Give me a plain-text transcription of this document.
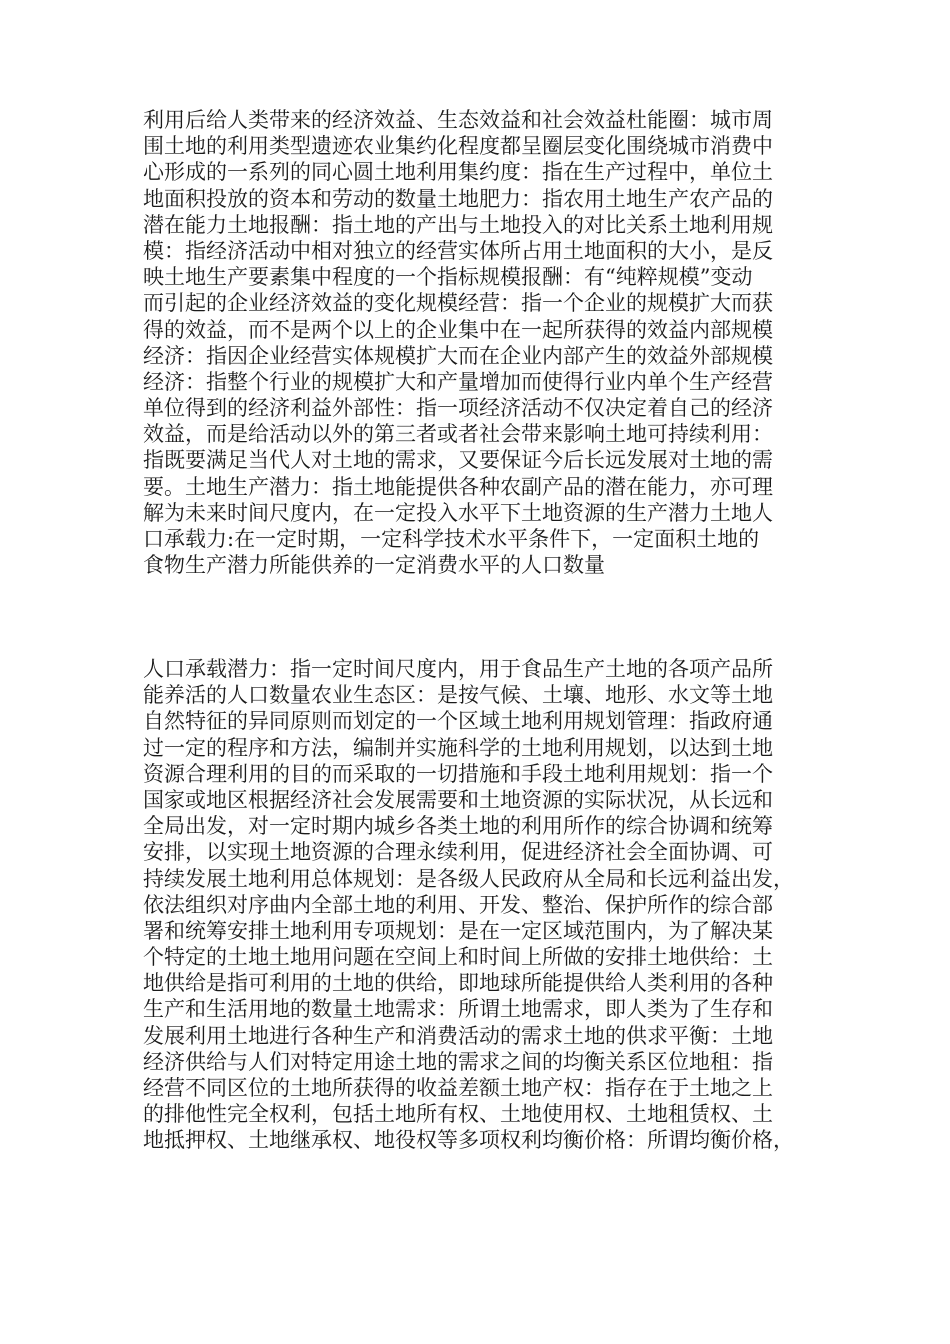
利用后给人类带来的经济效益、生态效益和社会效益杜能圈：城市周
围土地的利用类型遗迹农业集约化程度都呈圈层变化围绕城市消费中
心形成的一系列的同心圆土地利用集约度：指在生产过程中，单位土
地面积投放的资本和劳动的数量土地肥力：指农用土地生产农产品的
潜在能力土地报酬：指土地的产出与土地投入的对比关系土地利用规
模：指经济活动中相对独立的经营实体所占用土地面积的大小，是反
映土地生产要素集中程度的一个指标规模报酬：有“纯粹规模”变动
而引起的企业经济效益的变化规模经营：指一个企业的规模扩大而获
得的效益，而不是两个以上的企业集中在一起所获得的效益内部规模
经济：指因企业经营实体规模扩大而在企业内部产生的效益外部规模
经济：指整个行业的规模扩大和产量增加而使得行业内单个生产经营
单位得到的经济利益外部性：指一项经济活动不仅决定着自己的经济
效益，而是给活动以外的第三者或者社会带来影响土地可持续利用：
指既要满足当代人对土地的需求，又要保证今后长远发展对土地的需
要。土地生产潜力：指土地能提供各种农副产品的潜在能力，亦可理
解为未来时间尺度内，在一定投入水平下土地资源的生产潜力土地人
口承载力:在一定时期，一定科学技术水平条件下，一定面积土地的
食物生产潜力所能供养的一定消费水平的人口数量
人口承载潜力：指一定时间尺度内，用于食品生产土地的各项产品所
能养活的人口数量农业生态区：是按气候、土壤、地形、水文等土地
自然特征的异同原则而划定的一个区域土地利用规划管理：指政府通
过一定的程序和方法，编制并实施科学的土地利用规划，以达到土地
资源合理利用的目的而采取的一切措施和手段土地利用规划：指一个
国家或地区根据经济社会发展需要和土地资源的实际状况，从长远和
全局出发，对一定时期内城乡各类土地的利用所作的综合协调和统筹
安排，以实现土地资源的合理永续利用，促进经济社会全面协调、可
持续发展土地利用总体规划：是各级人民政府从全局和长远利益出发，
依法组织对序曲内全部土地的利用、开发、整治、保护所作的综合部
署和统筹安排土地利用专项规划：是在一定区域范围内，为了解决某
个特定的土地土地用问题在空间上和时间上所做的安排土地供给：土
地供给是指可利用的土地的供给，即地球所能提供给人类利用的各种
生产和生活用地的数量土地需求：所谓土地需求，即人类为了生存和
发展利用土地进行各种生产和消费活动的需求土地的供求平衡：土地
经济供给与人们对特定用途土地的需求之间的均衡关系区位地租：指
经营不同区位的土地所获得的收益差额土地产权：指存在于土地之上
的排他性完全权利，包括土地所有权、土地使用权、土地租赁权、土
地抵押权、土地继承权、地役权等多项权利均衡价格：所谓均衡价格，
